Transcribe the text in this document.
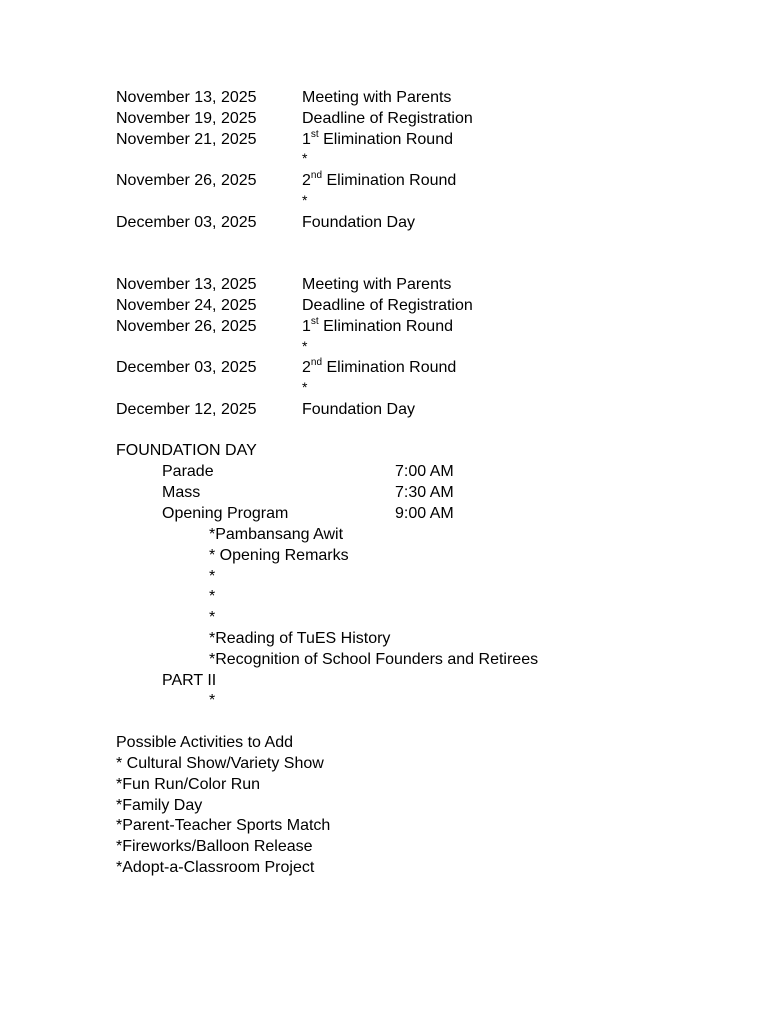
November 13, 2025	Meeting with Parents
November 19, 2025	Deadline of Registration
November 21, 2025	1st Elimination Round
*
November 26, 2025	2nd Elimination Round
*
December 03, 2025	Foundation Day
November 13, 2025	Meeting with Parents
November 24, 2025	Deadline of Registration
November 26, 2025	1st Elimination Round
*
December 03, 2025	2nd Elimination Round
*
December 12, 2025	Foundation Day
FOUNDATION DAY
Parade	7:00 AM
Mass	7:30 AM
Opening Program	9:00 AM
*Pambansang Awit
* Opening Remarks
*
*
*
*Reading of TuES History
*Recognition of School Founders and Retirees
PART II
*
Possible Activities to Add
* Cultural Show/Variety Show
*Fun Run/Color Run
*Family Day
*Parent-Teacher Sports Match
*Fireworks/Balloon Release
*Adopt-a-Classroom Project
